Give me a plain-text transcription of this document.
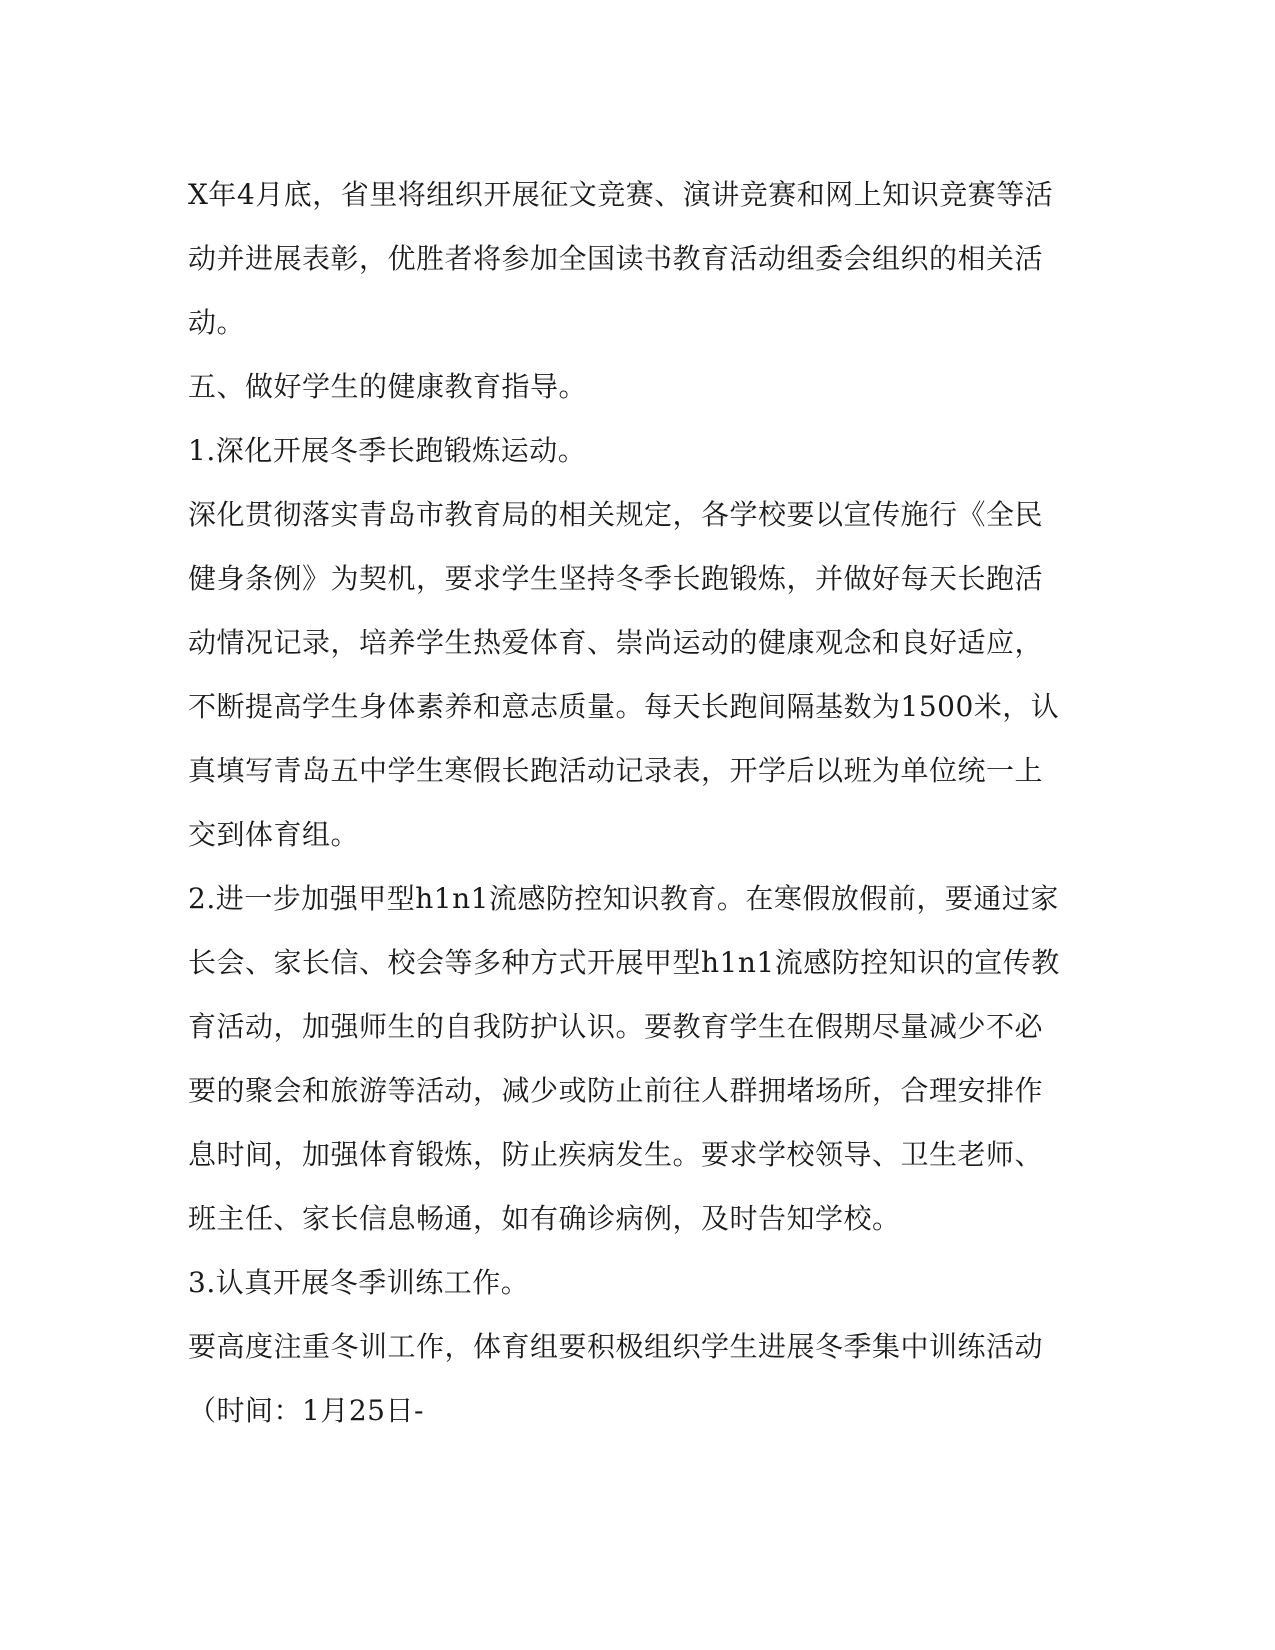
X年4月底，省里将组织开展征文竞赛、演讲竞赛和网上知识竞赛等活
动并进展表彰，优胜者将参加全国读书教育活动组委会组织的相关活
动。
五、做好学生的健康教育指导。
1.深化开展冬季长跑锻炼运动。
深化贯彻落实青岛市教育局的相关规定，各学校要以宣传施行《全民
健身条例》为契机，要求学生坚持冬季长跑锻炼，并做好每天长跑活
动情况记录，培养学生热爱体育、崇尚运动的健康观念和良好适应，
不断提高学生身体素养和意志质量。每天长跑间隔基数为1500米，认
真填写青岛五中学生寒假长跑活动记录表，开学后以班为单位统一上
交到体育组。
2.进一步加强甲型h1n1流感防控知识教育。在寒假放假前，要通过家
长会、家长信、校会等多种方式开展甲型h1n1流感防控知识的宣传教
育活动，加强师生的自我防护认识。要教育学生在假期尽量减少不必
要的聚会和旅游等活动，减少或防止前往人群拥堵场所，合理安排作
息时间，加强体育锻炼，防止疾病发生。要求学校领导、卫生老师、
班主任、家长信息畅通，如有确诊病例，及时告知学校。
3.认真开展冬季训练工作。
要高度注重冬训工作，体育组要积极组织学生进展冬季集中训练活动
（时间：1月25日-
